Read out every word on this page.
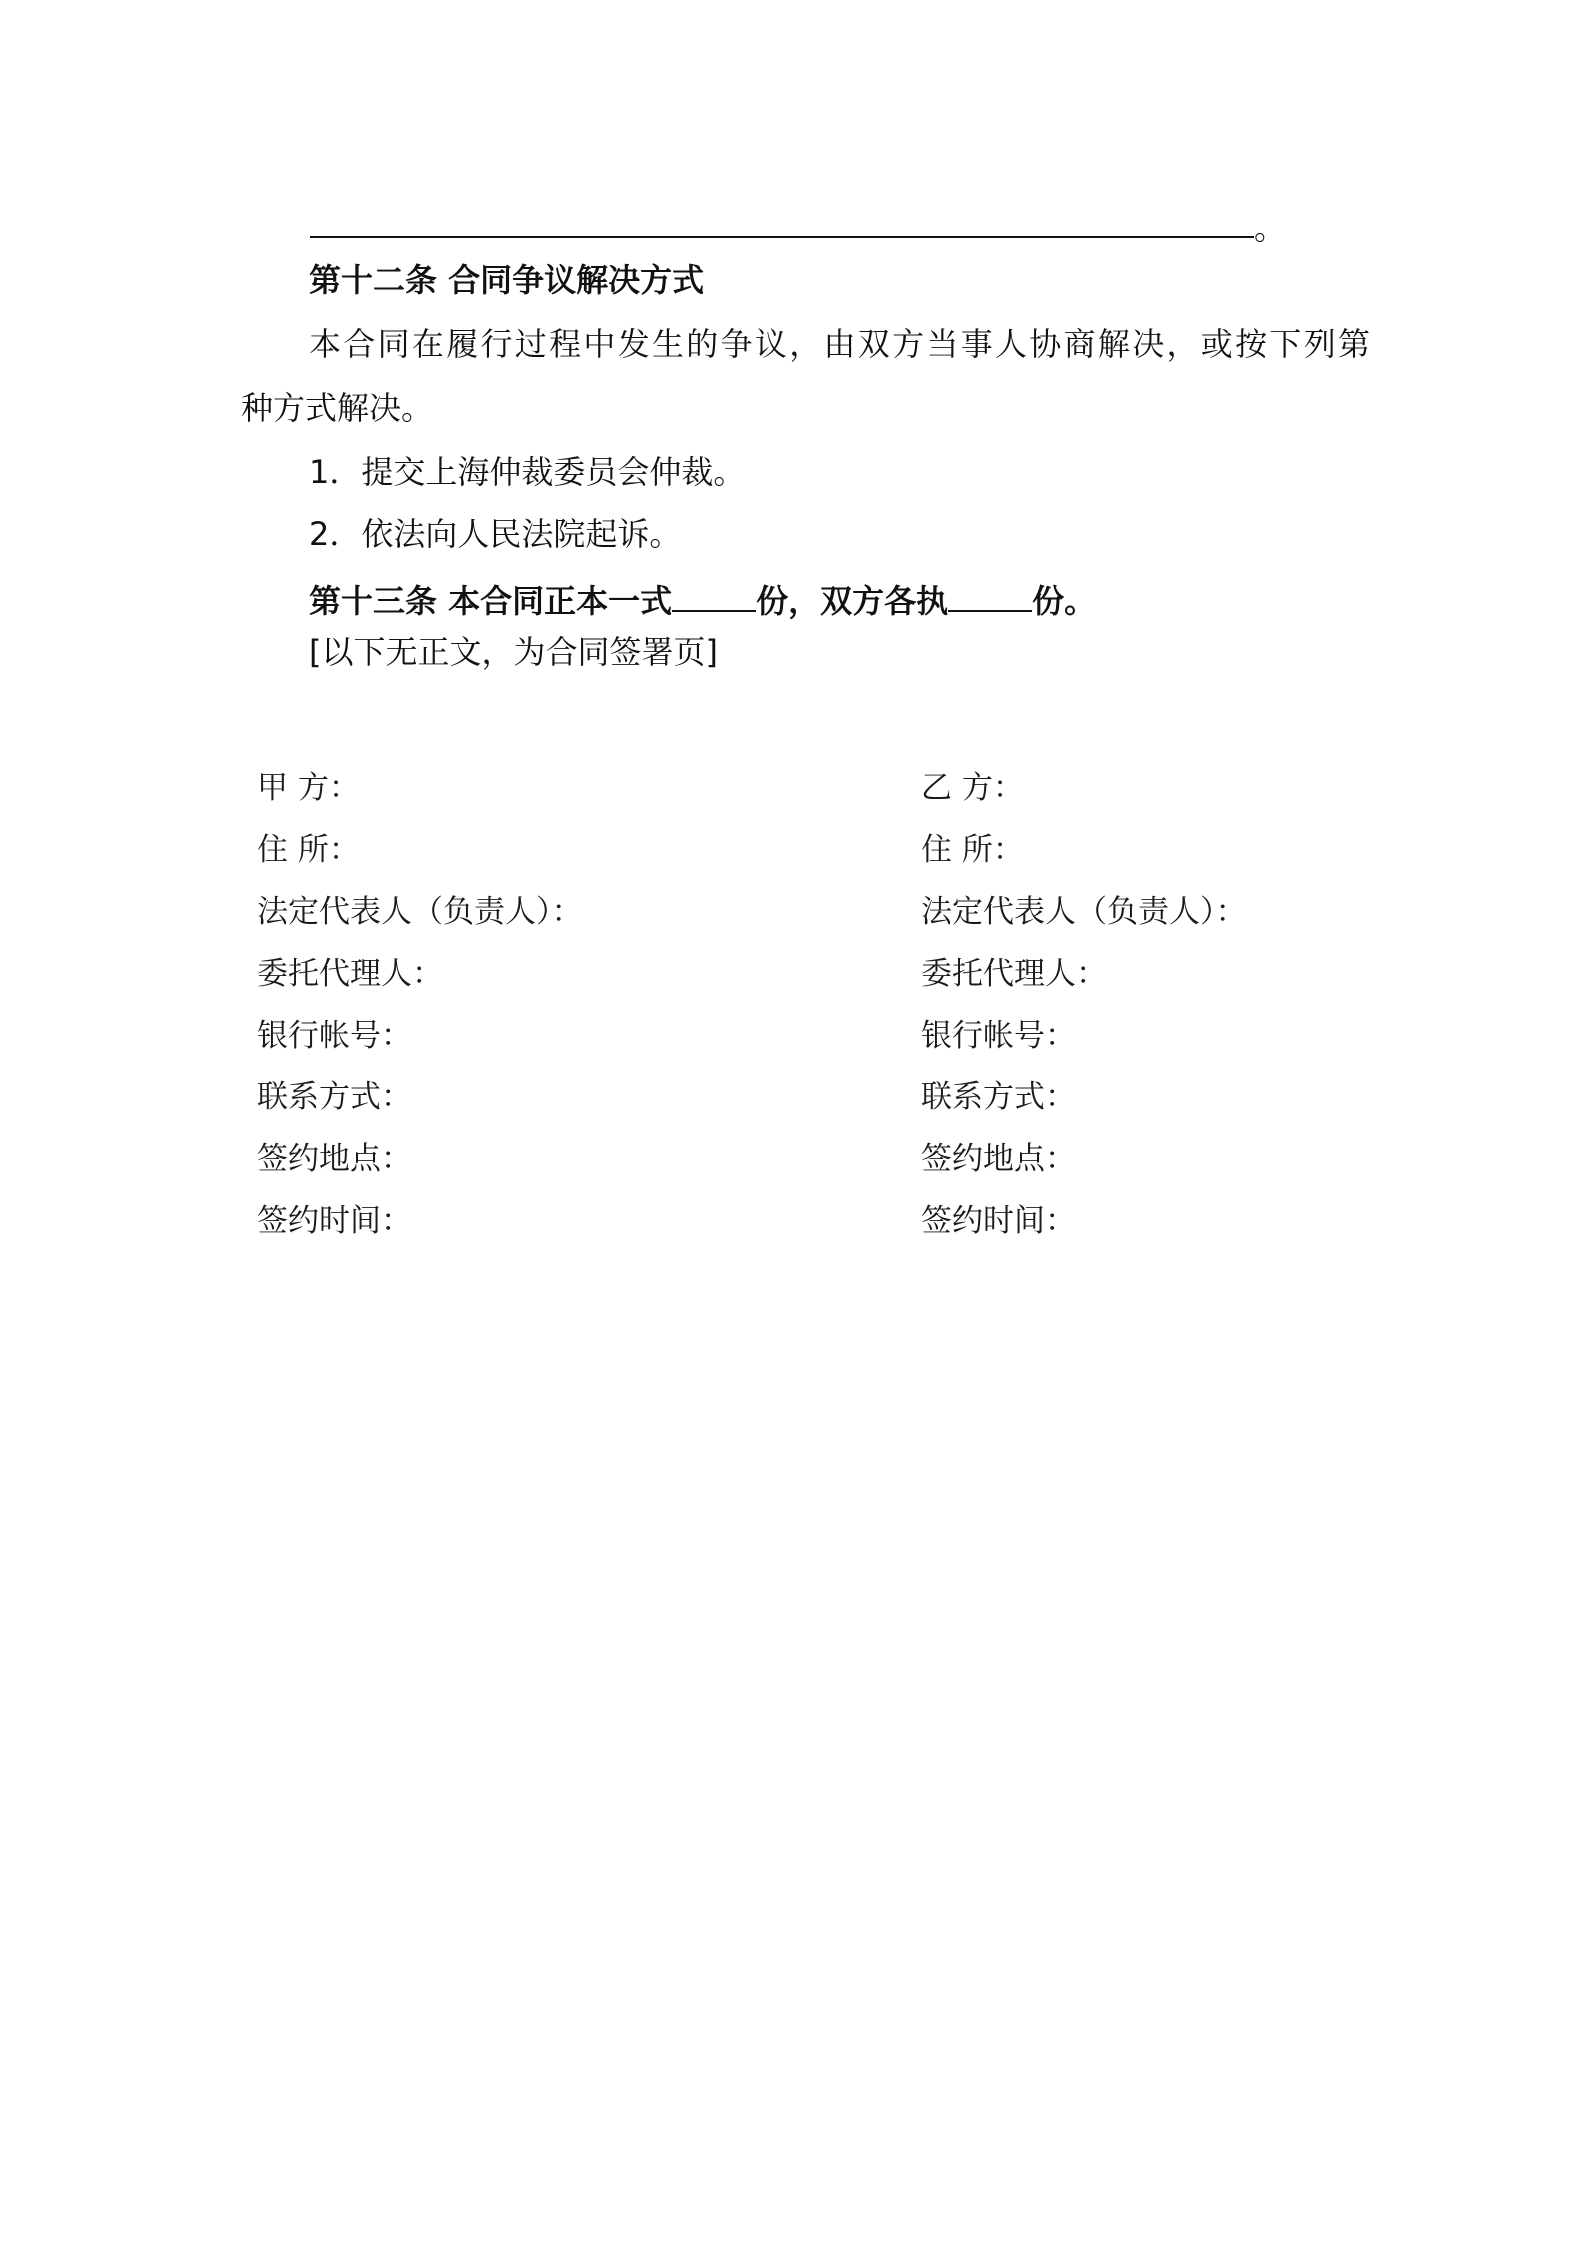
。
第十二条 合同争议解决方式
本合同在履行过程中发生的争议，由双方当事人协商解决，或按下列第
种方式解决。
1．提交上海仲裁委员会仲裁。
2．依法向人民法院起诉。
第十三条 本合同正本一式	份，双方各执	份。
[以下无正文，为合同签署页]
甲 方：
住 所：
法定代表人（负责人）：
委托代理人：
银行帐号：
联系方式：
签约地点：
签约时间：
乙 方：
住 所：
法定代表人（负责人）：
委托代理人：
银行帐号：
联系方式：
签约地点：
签约时间：
